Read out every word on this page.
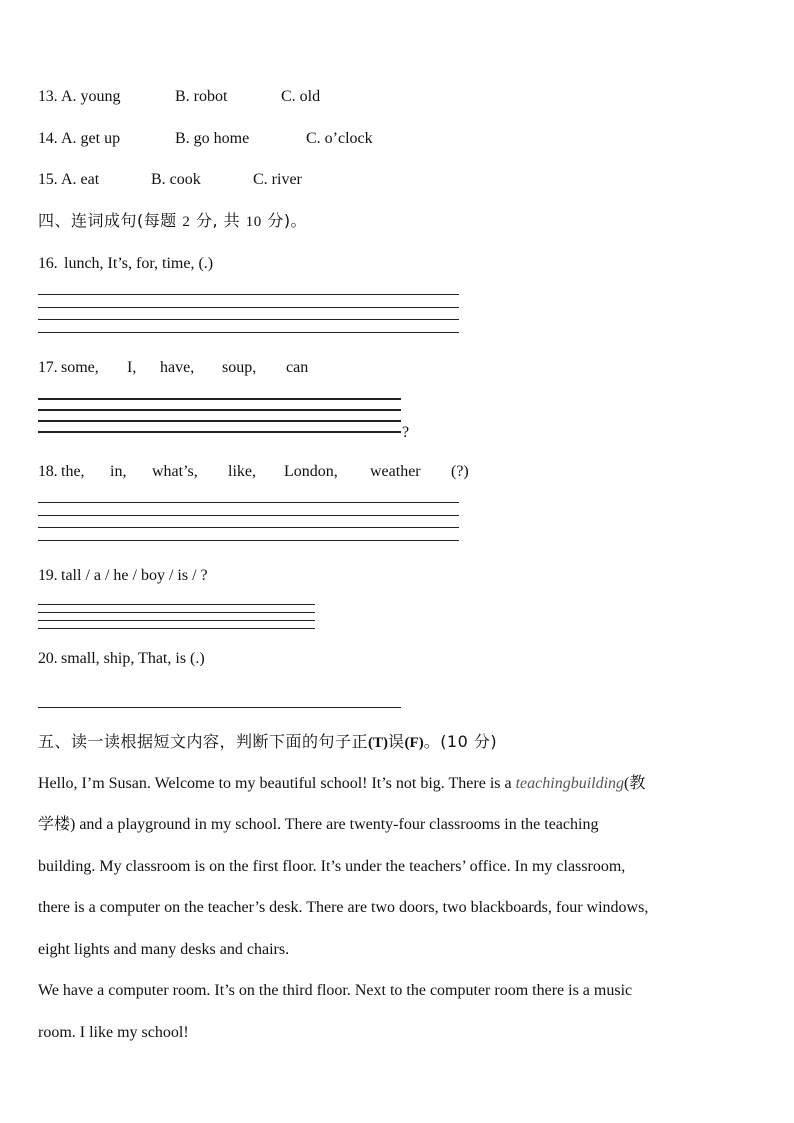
13. A. young	B. robot	C. old
14. A. get up	B. go home	C. o’clock
15. A. eat	B. cook	C. river
四、连词成句(每题 2 分, 共 10 分)。
16. lunch, It’s, for, time, (.)
17. some, I, have, soup, can
?
18. the, in, what’s, like, London, weather (?)
19. tall / a / he / boy / is / ?
20. small, ship, That, is (.)
五、读一读根据短文内容，判断下面的句子正(T)误(F)。(10 分)
Hello, I’m Susan. Welcome to my beautiful school! It’s not big. There is a teachingbuilding(教
学楼) and a playground in my school. There are twenty-four classrooms in the teaching
building. My classroom is on the first floor. It’s under the teachers’ office. In my classroom,
there is a computer on the teacher’s desk. There are two doors, two blackboards, four windows,
eight lights and many desks and chairs.
We have a computer room. It’s on the third floor. Next to the computer room there is a music
room. I like my school!
